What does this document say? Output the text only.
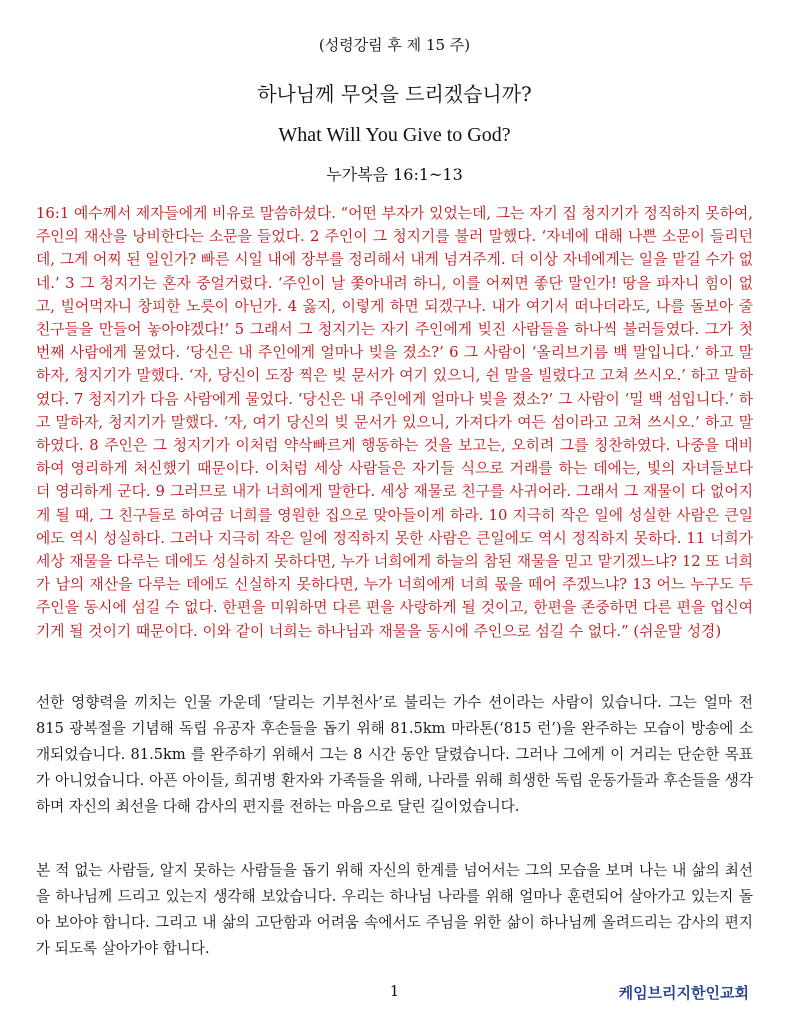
(성령강림 후 제 15 주)
하나님께 무엇을 드리겠습니까?
What Will You Give to God?
누가복음 16:1~13

16:1 예수께서 제자들에게 비유로 말씀하셨다. “어떤 부자가 있었는데, 그는 자기 집 청지기가 정직하지 못하여, 주인의 재산을 낭비한다는 소문을 들었다. 2 주인이 그 청지기를 불러 말했다. ‘자네에 대해 나쁜 소문이 들리던데, 그게 어찌 된 일인가? 빠른 시일 내에 장부를 정리해서 내게 넘겨주게. 더 이상 자네에게는 일을 맡길 수가 없네.’ 3 그 청지기는 혼자 중얼거렸다. ‘주인이 날 쫓아내려 하니, 이를 어찌면 좋단 말인가! 땅을 파자니 힘이 없고, 빌어먹자니 창피한 노릇이 아닌가. 4 옳지, 이렇게 하면 되겠구나. 내가 여기서 떠나더라도, 나를 돌보아 줄 친구들을 만들어 놓아야겠다!’ 5 그래서 그 청지기는 자기 주인에게 빚진 사람들을 하나씩 불러들였다. 그가 첫 번째 사람에게 물었다. ‘당신은 내 주인에게 얼마나 빚을 졌소?’ 6 그 사람이 ‘올리브기름 백 말입니다.’ 하고 말하자, 청지기가 말했다. ‘자, 당신이 도장 찍은 빚 문서가 여기 있으니, 쉰 말을 빌렸다고 고쳐 쓰시오.’ 하고 말하였다. 7 청지기가 다음 사람에게 물었다. ‘당신은 내 주인에게 얼마나 빚을 졌소?’ 그 사람이 ‘밀 백 섬입니다.’ 하고 말하자, 청지기가 말했다. ‘자, 여기 당신의 빚 문서가 있으니, 가져다가 여든 섬이라고 고쳐 쓰시오.’ 하고 말하였다. 8 주인은 그 청지기가 이처럼 약삭빠르게 행동하는 것을 보고는, 오히려 그를 칭찬하였다. 나중을 대비하여 영리하게 처신했기 때문이다. 이처럼 세상 사람들은 자기들 식으로 거래를 하는 데에는, 빛의 자녀들보다 더 영리하게 군다. 9 그러므로 내가 너희에게 말한다. 세상 재물로 친구를 사귀어라. 그래서 그 재물이 다 없어지게 될 때, 그 친구들로 하여금 너희를 영원한 집으로 맞아들이게 하라. 10 지극히 작은 일에 성실한 사람은 큰일에도 역시 성실하다. 그러나 지극히 작은 일에 정직하지 못한 사람은 큰일에도 역시 정직하지 못하다. 11 너희가 세상 재물을 다루는 데에도 성실하지 못하다면, 누가 너희에게 하늘의 참된 재물을 믿고 맡기겠느냐? 12 또 너희가 남의 재산을 다루는 데에도 신실하지 못하다면, 누가 너희에게 너희 몫을 떼어 주겠느냐? 13 어느 누구도 두 주인을 동시에 섬길 수 없다. 한편을 미워하면 다른 편을 사랑하게 될 것이고, 한편을 존중하면 다른 편을 업신여기게 될 것이기 때문이다. 이와 같이 너희는 하나님과 재물을 동시에 주인으로 섬길 수 없다.” (쉬운말 성경)

선한 영향력을 끼치는 인물 가운데 ‘달리는 기부천사’로 불리는 가수 션이라는 사람이 있습니다. 그는 얼마 전 815 광복절을 기념해 독립 유공자 후손들을 돕기 위해 81.5km 마라톤(‘815 런’)을 완주하는 모습이 방송에 소개되었습니다. 81.5km 를 완주하기 위해서 그는 8 시간 동안 달렸습니다. 그러나 그에게 이 거리는 단순한 목표가 아니었습니다. 아픈 아이들, 희귀병 환자와 가족들을 위해, 나라를 위해 희생한 독립 운동가들과 후손들을 생각하며 자신의 최선을 다해 감사의 편지를 전하는 마음으로 달린 길이었습니다.

본 적 없는 사람들, 알지 못하는 사람들을 돕기 위해 자신의 한계를 넘어서는 그의 모습을 보며 나는 내 삶의 최선을 하나님께 드리고 있는지 생각해 보았습니다. 우리는 하나님 나라를 위해 얼마나 훈련되어 살아가고 있는지 돌아 보아야 합니다. 그리고 내 삶의 고단함과 어려움 속에서도 주님을 위한 삶이 하나님께 올려드리는 감사의 편지가 되도록 살아가야 합니다.

1	케임브리지한인교회
